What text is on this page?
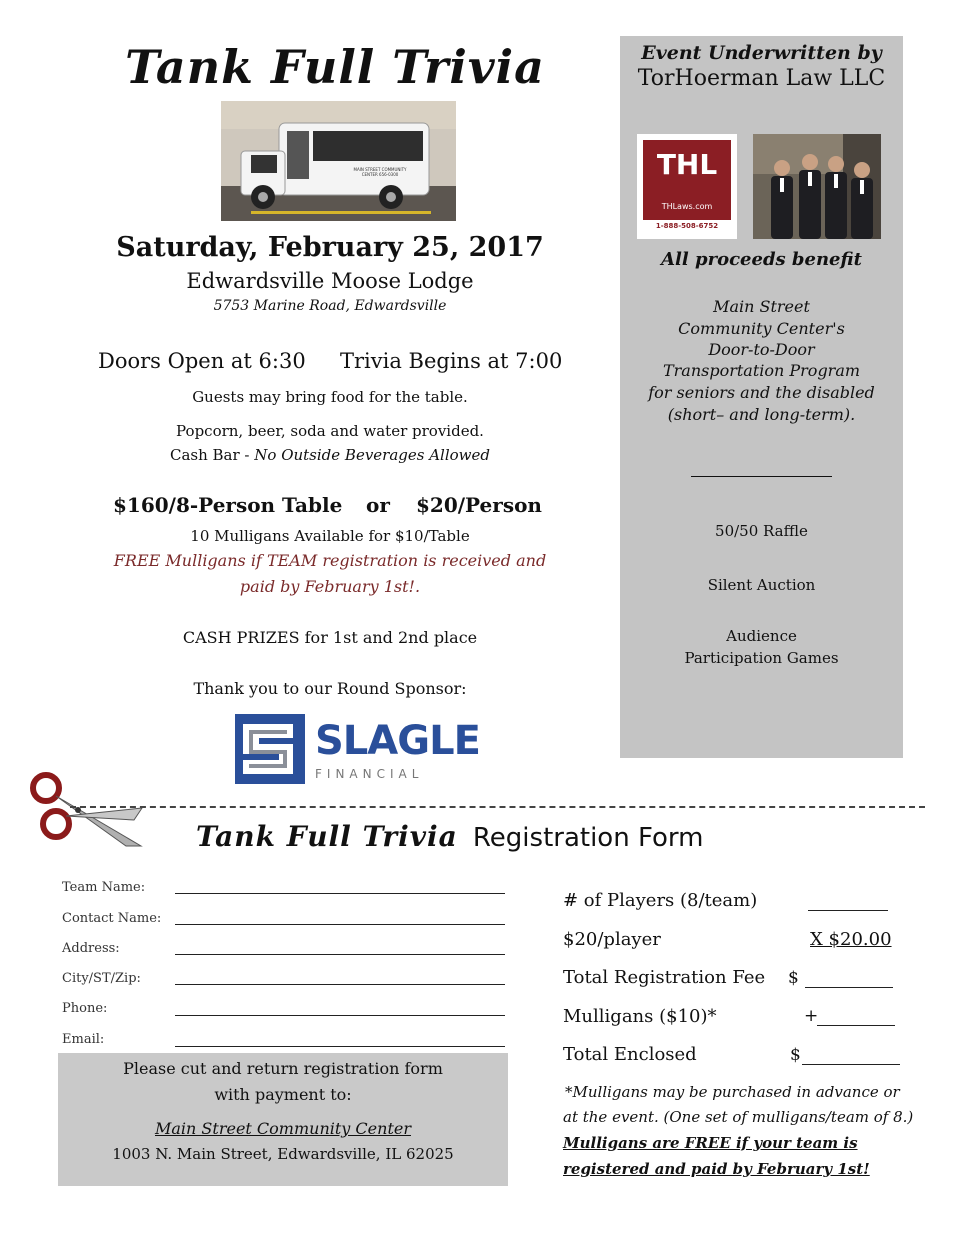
Tank Full Trivia
MAIN STREET COMMUNITY CENTER 656-0300
Saturday, February 25, 2017
Edwardsville Moose Lodge
5753 Marine Road, Edwardsville
Doors Open at 6:30 Trivia Begins at 7:00
Guests may bring food for the table.
Popcorn, beer, soda and water provided.
Cash Bar - No Outside Beverages Allowed
$160/8-Person Table or $20/Person
10 Mulligans Available for $10/Table
FREE Mulligans if TEAM registration is received and
paid by February 1st!.
CASH PRIZES for 1st and 2nd place
Thank you to our Round Sponsor:
SLAGLE
FINANCIAL
Event Underwritten by
TorHoerman Law LLC
THL
THLaws.com
1-888-508-6752
All proceeds benefit
Main Street
Community Center's
Door-to-Door
Transportation Program
for seniors and the disabled
(short– and long-term).
50/50 Raffle
Silent Auction
Audience
Participation Games
Tank Full Trivia Registration Form
Team Name:
Contact Name:
Address:
City/ST/Zip:
Phone:
Email:
Please cut and return registration form
with payment to:
Main Street Community Center
1003 N. Main Street, Edwardsville, IL 62025
# of Players (8/team)
$20/player	X $20.00
Total Registration Fee $
Mulligans ($10)*	+
Total Enclosed	$
*Mulligans may be purchased in advance or
at the event. (One set of mulligans/team of 8.)
Mulligans are FREE if your team is
registered and paid by February 1st!
